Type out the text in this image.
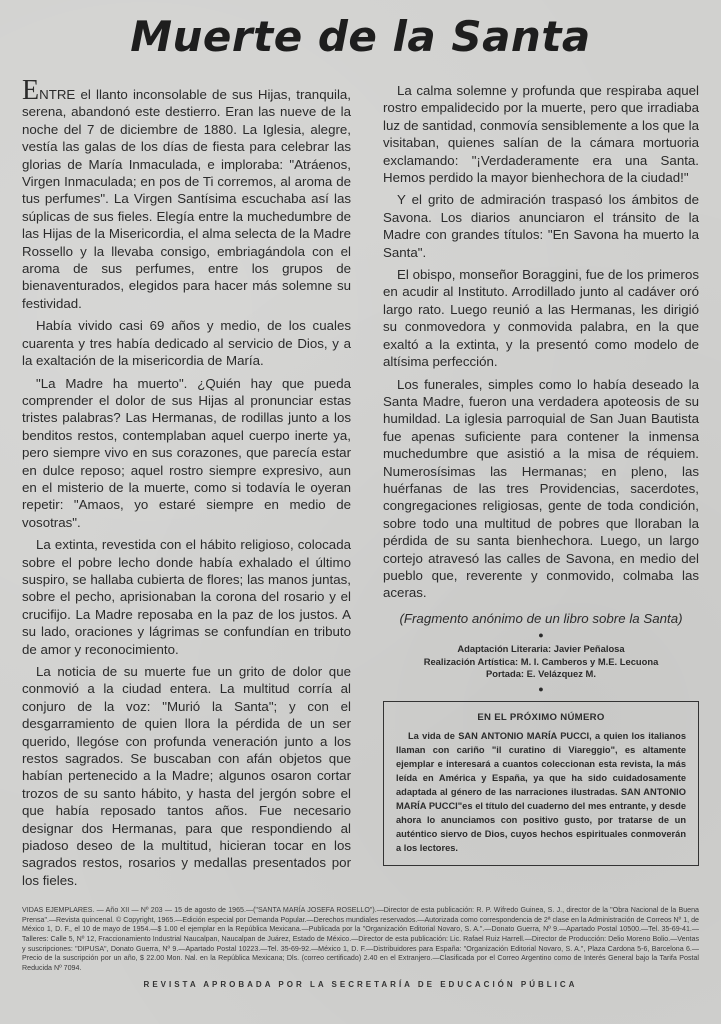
Muerte de la Santa

ENTRE el llanto inconsolable de sus Hijas, tranquila, serena, abandonó este destierro. Eran las nueve de la noche del 7 de diciembre de 1880. La Iglesia, alegre, vestía las galas de los días de fiesta para celebrar las glorias de María Inmaculada, e imploraba: "Atráenos, Virgen Inmaculada; en pos de Ti corremos, al aroma de tus perfumes". La Virgen Santísima escuchaba así las súplicas de sus fieles. Elegía entre la muchedumbre de las Hijas de la Misericordia, el alma selecta de la Madre Rossello y la llevaba consigo, embriagándola con el aroma de sus perfumes, entre los grupos de bienaventurados, elegidos para hacer más solemne su festividad.

Había vivido casi 69 años y medio, de los cuales cuarenta y tres había dedicado al servicio de Dios, y a la exaltación de la misericordia de María.

"La Madre ha muerto". ¿Quién hay que pueda comprender el dolor de sus Hijas al pronunciar estas tristes palabras? Las Hermanas, de rodillas junto a los benditos restos, contemplaban aquel cuerpo inerte ya, pero siempre vivo en sus corazones, que parecía estar en dulce reposo; aquel rostro siempre expresivo, aun en el misterio de la muerte, como si todavía le oyeran repetir: "Amaos, yo estaré siempre en medio de vosotras".

La extinta, revestida con el hábito religioso, colocada sobre el pobre lecho donde había exhalado el último suspiro, se hallaba cubierta de flores; las manos juntas, sobre el pecho, aprisionaban la corona del rosario y el crucifijo. La Madre reposaba en la paz de los justos. A su lado, oraciones y lágrimas se confundían en tributo de amor y reconocimiento.

La noticia de su muerte fue un grito de dolor que conmovió a la ciudad entera. La multitud corría al conjuro de la voz: "Murió la Santa"; y con el desgarramiento de quien llora la pérdida de un ser querido, llegóse con profunda veneración junto a los restos sagrados. Se buscaban con afán objetos que habían pertenecido a la Madre; algunos osaron cortar trozos de su santo hábito, y hasta del jergón sobre el que había reposado tantos años. Fue necesario designar dos Hermanas, para que respondiendo al piadoso deseo de la multitud, hicieran tocar en los sagrados restos, rosarios y medallas presentados por los fieles.

La calma solemne y profunda que respiraba aquel rostro empalidecido por la muerte, pero que irradiaba luz de santidad, conmovía sensiblemente a los que la visitaban, quienes salían de la cámara mortuoria exclamando: "¡Verdaderamente era una Santa. Hemos perdido la mayor bienhechora de la ciudad!"

Y el grito de admiración traspasó los ámbitos de Savona. Los diarios anunciaron el tránsito de la Madre con grandes títulos: "En Savona ha muerto la Santa".

El obispo, monseñor Boraggini, fue de los primeros en acudir al Instituto. Arrodillado junto al cadáver oró largo rato. Luego reunió a las Hermanas, les dirigió su conmovedora y conmovida palabra, en la que exaltó a la extinta, y la presentó como modelo de altísima perfección.

Los funerales, simples como lo había deseado la Santa Madre, fueron una verdadera apoteosis de su humildad. La iglesia parroquial de San Juan Bautista fue apenas suficiente para contener la inmensa muchedumbre que asistió a la misa de réquiem. Numerosísimas las Hermanas; en pleno, las huérfanas de las tres Providencias, sacerdotes, congregaciones religiosas, gente de toda condición, sobre todo una multitud de pobres que lloraban la pérdida de su santa bienhechora. Luego, un largo cortejo atravesó las calles de Savona, en medio del pueblo que, reverente y conmovido, colmaba las aceras.

(Fragmento anónimo de un libro sobre la Santa)

●
Adaptación Literaria: Javier Peñalosa
Realización Artística: M. I. Camberos y M.E. Lecuona
Portada: E. Velázquez M.
●
EN EL PRÓXIMO NÚMERO

La vida de SAN ANTONIO MARÍA PUCCI, a quien los italianos llaman con cariño "il curatino di Viareggio", es altamente ejemplar e interesará a cuantos coleccionan esta revista, la más leída en América y España, ya que ha sido cuidadosamente adaptada al género de las narraciones ilustradas. SAN ANTONIO MARÍA PUCCI"es el título del cuaderno del mes entrante, y desde ahora lo anunciamos con positivo gusto, por tratarse de un auténtico siervo de Dios, cuyos hechos espirituales conmoverán a los lectores.

VIDAS EJEMPLARES. — Año XII — Nº 203 — 15 de agosto de 1965.—("SANTA MARÍA JOSEFA ROSELLO").—Director de esta publicación: R. P. Wifredo Guinea, S. J., director de la "Obra Nacional de la Buena Prensa".—Revista quincenal. © Copyright, 1965.—Edición especial por Demanda Popular.—Derechos mundiales reservados.—Autorizada como correspondencia de 2ª clase en la Administración de Correos Nº 1, de México 1, D. F., el 10 de mayo de 1954.—$ 1.00 el ejemplar en la República Mexicana.—Publicada por la "Organización Editorial Novaro, S. A.".—Donato Guerra, Nº 9.—Apartado Postal 10500.—Tel. 35-69-41.—Talleres: Calle 5, Nº 12, Fraccionamiento Industrial Naucalpan, Naucalpan de Juárez, Estado de México.—Director de esta publicación: Lic. Rafael Ruiz Harrell.—Director de Producción: Delio Moreno Bolio.—Ventas y suscripciones: "DIPUSA", Donato Guerra, Nº 9.—Apartado Postal 10223.—Tel. 35-69-92.—México 1, D. F.—Distribuidores para España: "Organización Editorial Novaro, S. A.", Plaza Cardona 5-6, Barcelona 6.—Precio de la suscripción por un año, $ 22.00 Mon. Nal. en la República Mexicana; Dls. (correo certificado) 2.40 en el Extranjero.—Clasificada por el Correo Argentino como de Interés General bajo la Tarifa Postal Reducida Nº 7094.
REVISTA APROBADA POR LA SECRETARÍA DE EDUCACIÓN PÚBLICA
